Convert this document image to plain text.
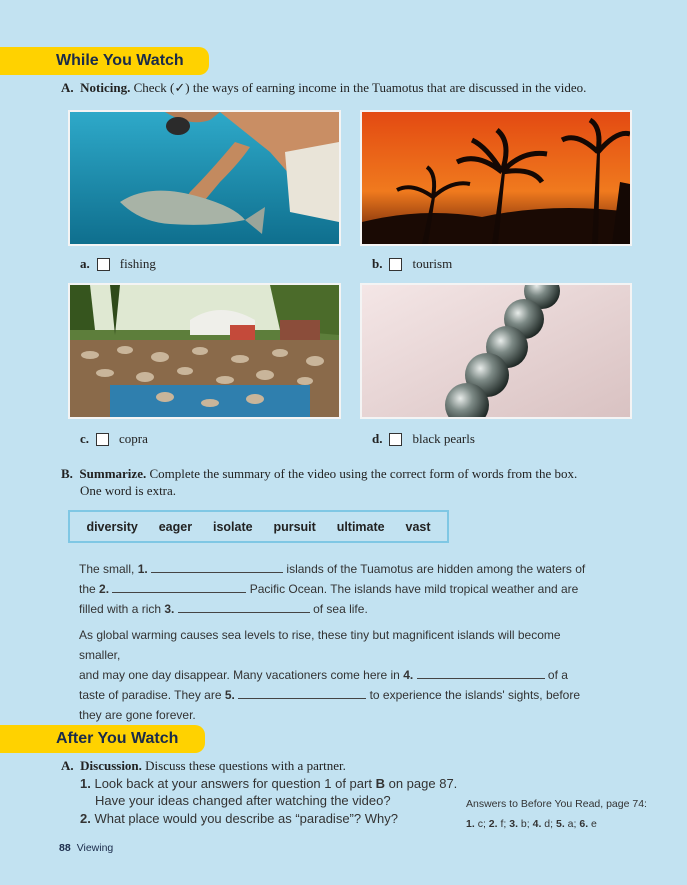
While You Watch
A. Noticing. Check (✓) the ways of earning income in the Tuamotus that are discussed in the video.
a. fishing	b. tourism
c. copra	d. black pearls
B. Summarize. Complete the summary of the video using the correct form of words from the box.
One word is extra.
diversity eager isolate pursuit ultimate vast
The small, 1.	islands of the Tuamotus are hidden among the waters of
the 2.	Pacific Ocean. The islands have mild tropical weather and are
filled with a rich 3.	of sea life.
As global warming causes sea levels to rise, these tiny but magnificent islands will become smaller,
and may one day disappear. Many vacationers come here in 4.	of a
taste of paradise. They are 5.	to experience the islands' sights, before
they are gone forever.
After You Watch
A. Discussion. Discuss these questions with a partner.
1. Look back at your answers for question 1 of part B on page 87.
Have your ideas changed after watching the video?
2. What place would you describe as “paradise”? Why?
Answers to Before You Read, page 74:
1. c; 2. f; 3. b; 4. d; 5. a; 6. e
88 Viewing
